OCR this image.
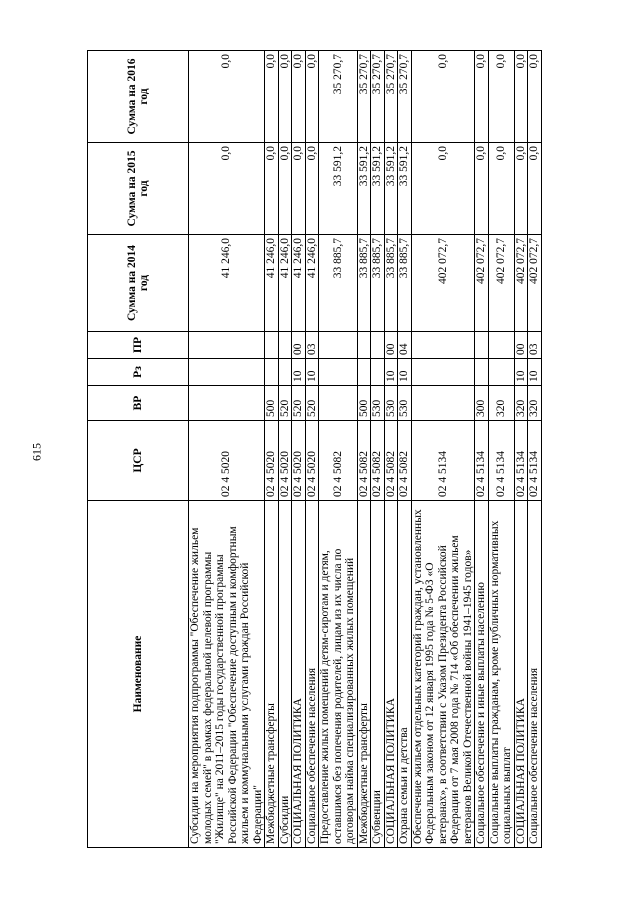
615
Наименование	ЦСР	ВР	Рз	ПР	Сумма на 2014 год	Сумма на 2015 год	Сумма на 2016 год
Субсидии на мероприятия подпрограммы "Обеспечение жильем молодых семей" в рамках федеральной целевой программы "Жилище" на 2011–2015 годы государственной программы Российской Федерации "Обеспечение доступным и комфортным жильем и коммунальными услугами граждан Российской Федерации"	02 4 5020				41 246,0	0,0	0,0
Межбюджетные трансферты	02 4 5020	500			41 246,0	0,0	0,0
Субсидии	02 4 5020	520			41 246,0	0,0	0,0
СОЦИАЛЬНАЯ ПОЛИТИКА	02 4 5020	520	10	00	41 246,0	0,0	0,0
Социальное обеспечение населения	02 4 5020	520	10	03	41 246,0	0,0	0,0
Предоставление жилых помещений детям-сиротам и детям, оставшимся без попечения родителей, лицам из их числа по договорам найма специализированных жилых помещений	02 4 5082				33 885,7	33 591,2	35 270,7
Межбюджетные трансферты	02 4 5082	500			33 885,7	33 591,2	35 270,7
Субвенции	02 4 5082	530			33 885,7	33 591,2	35 270,7
СОЦИАЛЬНАЯ ПОЛИТИКА	02 4 5082	530	10	00	33 885,7	33 591,2	35 270,7
Охрана семьи и детства	02 4 5082	530	10	04	33 885,7	33 591,2	35 270,7
Обеспечение жильем отдельных категорий граждан, установленных Федеральным законом от 12 января 1995 года № 5-ФЗ «О ветеранах», в соответствии с Указом Президента Российской Федерации от 7 мая 2008 года № 714 «Об обеспечении жильем ветеранов Великой Отечественной войны 1941–1945 годов»	02 4 5134				402 072,7	0,0	0,0
Социальное обеспечение и иные выплаты населению	02 4 5134	300			402 072,7	0,0	0,0
Социальные выплаты гражданам, кроме публичных нормативных социальных выплат	02 4 5134	320			402 072,7	0,0	0,0
СОЦИАЛЬНАЯ ПОЛИТИКА	02 4 5134	320	10	00	402 072,7	0,0	0,0
Социальное обеспечение населения	02 4 5134	320	10	03	402 072,7	0,0	0,0
